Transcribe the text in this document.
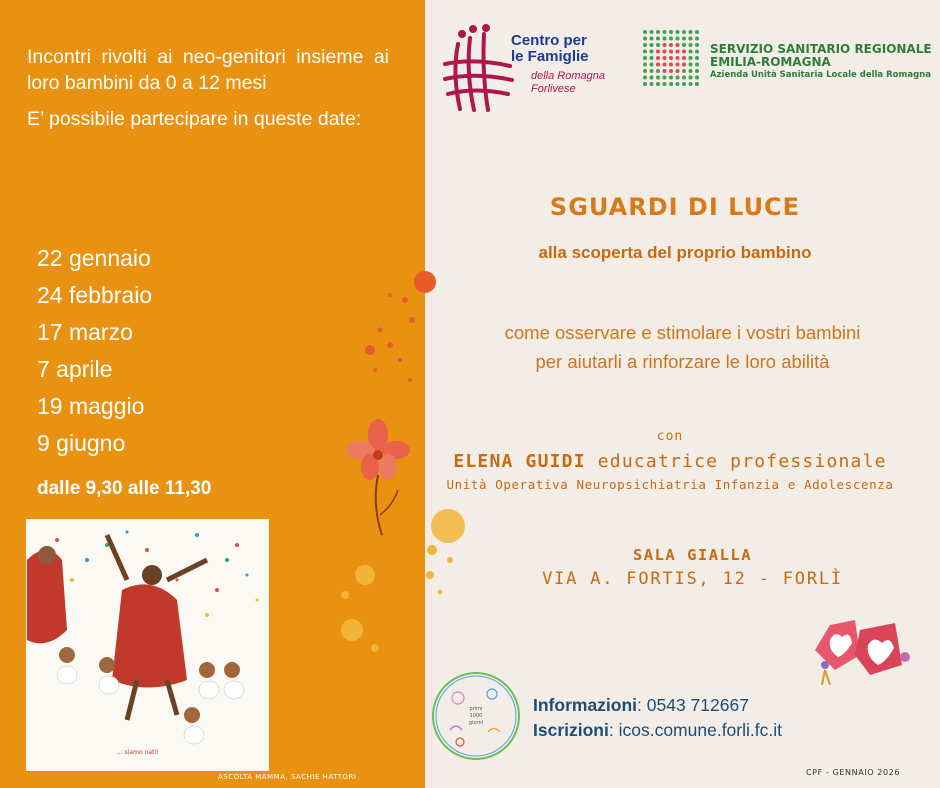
Incontri rivolti ai neo-genitori insieme ai loro bambini da 0 a 12 mesi

E’ possibile partecipare in queste date:

22 gennaio
24 febbraio
17 marzo
7 aprile
19 maggio
9 giugno
dalle 9,30 alle 11,30
... siamo nati!
ASCOLTA MAMMA, SACHIE HATTORI
Centro per
le Famiglie
della Romagna
Forlivese
SERVIZIO SANITARIO REGIONALE
EMILIA-ROMAGNA
Azienda Unità Sanitaria Locale della Romagna
SGUARDI DI LUCE
alla scoperta del proprio bambino
come osservare e stimolare i vostri bambini
per aiutarli a rinforzare le loro abilità
con
ELENA GUIDI educatrice professionale
Unità Operativa Neuropsichiatria Infanzia e Adolescenza
SALA GIALLA
VIA A. FORTIS, 12 - FORLÌ
primi
1000
giorni
Informazioni: 0543 712667
Iscrizioni: icos.comune.forli.fc.it
CPF - GENNAIO 2026
